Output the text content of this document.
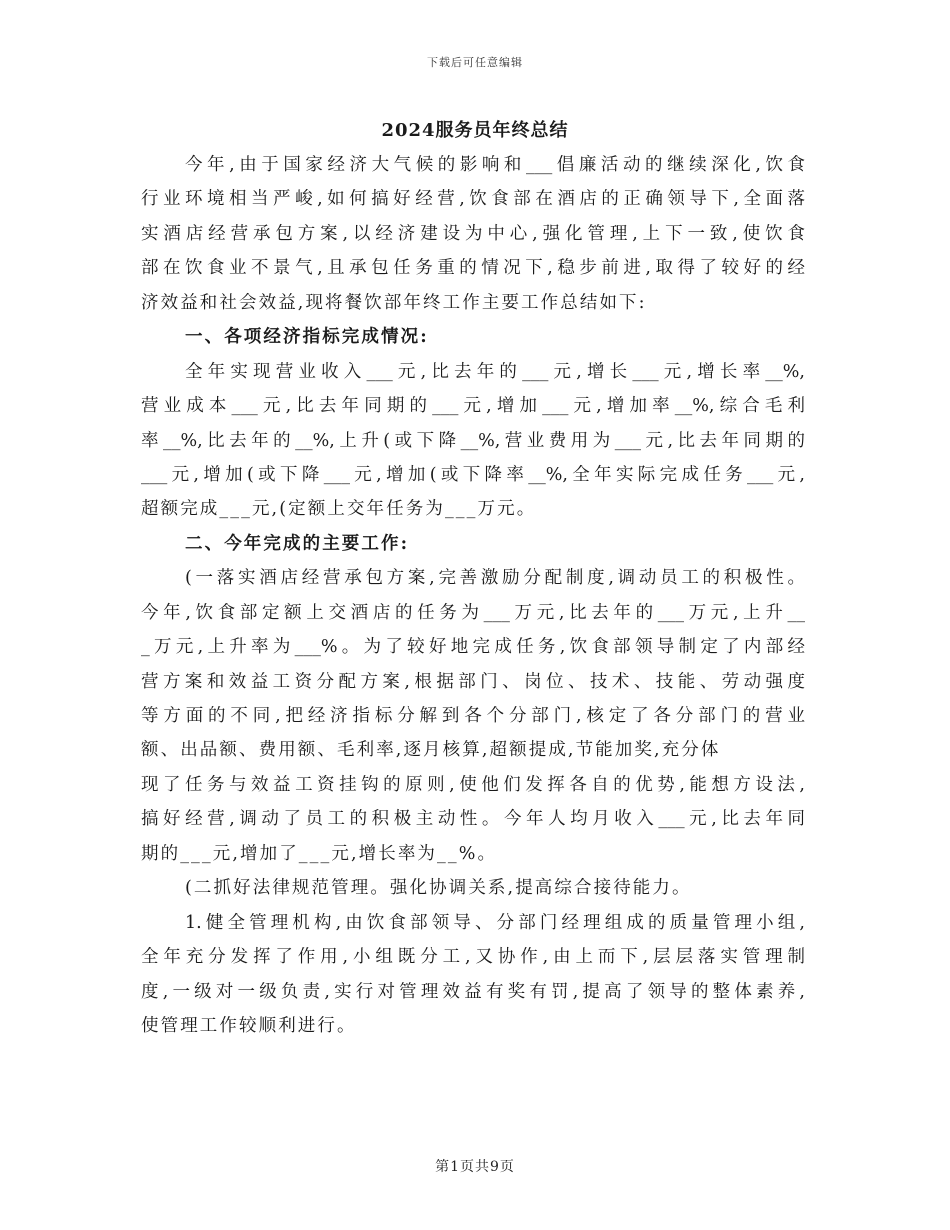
下载后可任意编辑
2024服务员年终总结
今年,由于国家经济大气候的影响和___倡廉活动的继续深化,饮食
行业环境相当严峻,如何搞好经营,饮食部在酒店的正确领导下,全面落
实酒店经营承包方案,以经济建设为中心,强化管理,上下一致,使饮食
部在饮食业不景气,且承包任务重的情况下,稳步前进,取得了较好的经
济效益和社会效益,现将餐饮部年终工作主要工作总结如下:
一、各项经济指标完成情况:
全年实现营业收入___元,比去年的___元,增长___元,增长率__%,
营业成本___元,比去年同期的___元,增加___元,增加率__%,综合毛利
率__%,比去年的__%,上升(或下降__%,营业费用为___元,比去年同期的
___元,增加(或下降___元,增加(或下降率__%,全年实际完成任务___元,
超额完成___元,(定额上交年任务为___万元。
二、今年完成的主要工作:
(一落实酒店经营承包方案,完善激励分配制度,调动员工的积极性。
今年,饮食部定额上交酒店的任务为___万元,比去年的___万元,上升__
_万元,上升率为___%。为了较好地完成任务,饮食部领导制定了内部经
营方案和效益工资分配方案,根据部门、岗位、技术、技能、劳动强度
等方面的不同,把经济指标分解到各个分部门,核定了各分部门的营业
额、出品额、费用额、毛利率,逐月核算,超额提成,节能加奖,充分体
现了任务与效益工资挂钩的原则,使他们发挥各自的优势,能想方设法,
搞好经营,调动了员工的积极主动性。今年人均月收入___元,比去年同
期的___元,增加了___元,增长率为__%。
(二抓好法律规范管理。强化协调关系,提高综合接待能力。
1.健全管理机构,由饮食部领导、分部门经理组成的质量管理小组,
全年充分发挥了作用,小组既分工,又协作,由上而下,层层落实管理制
度,一级对一级负责,实行对管理效益有奖有罚,提高了领导的整体素养,
使管理工作较顺利进行。
第1页共9页
